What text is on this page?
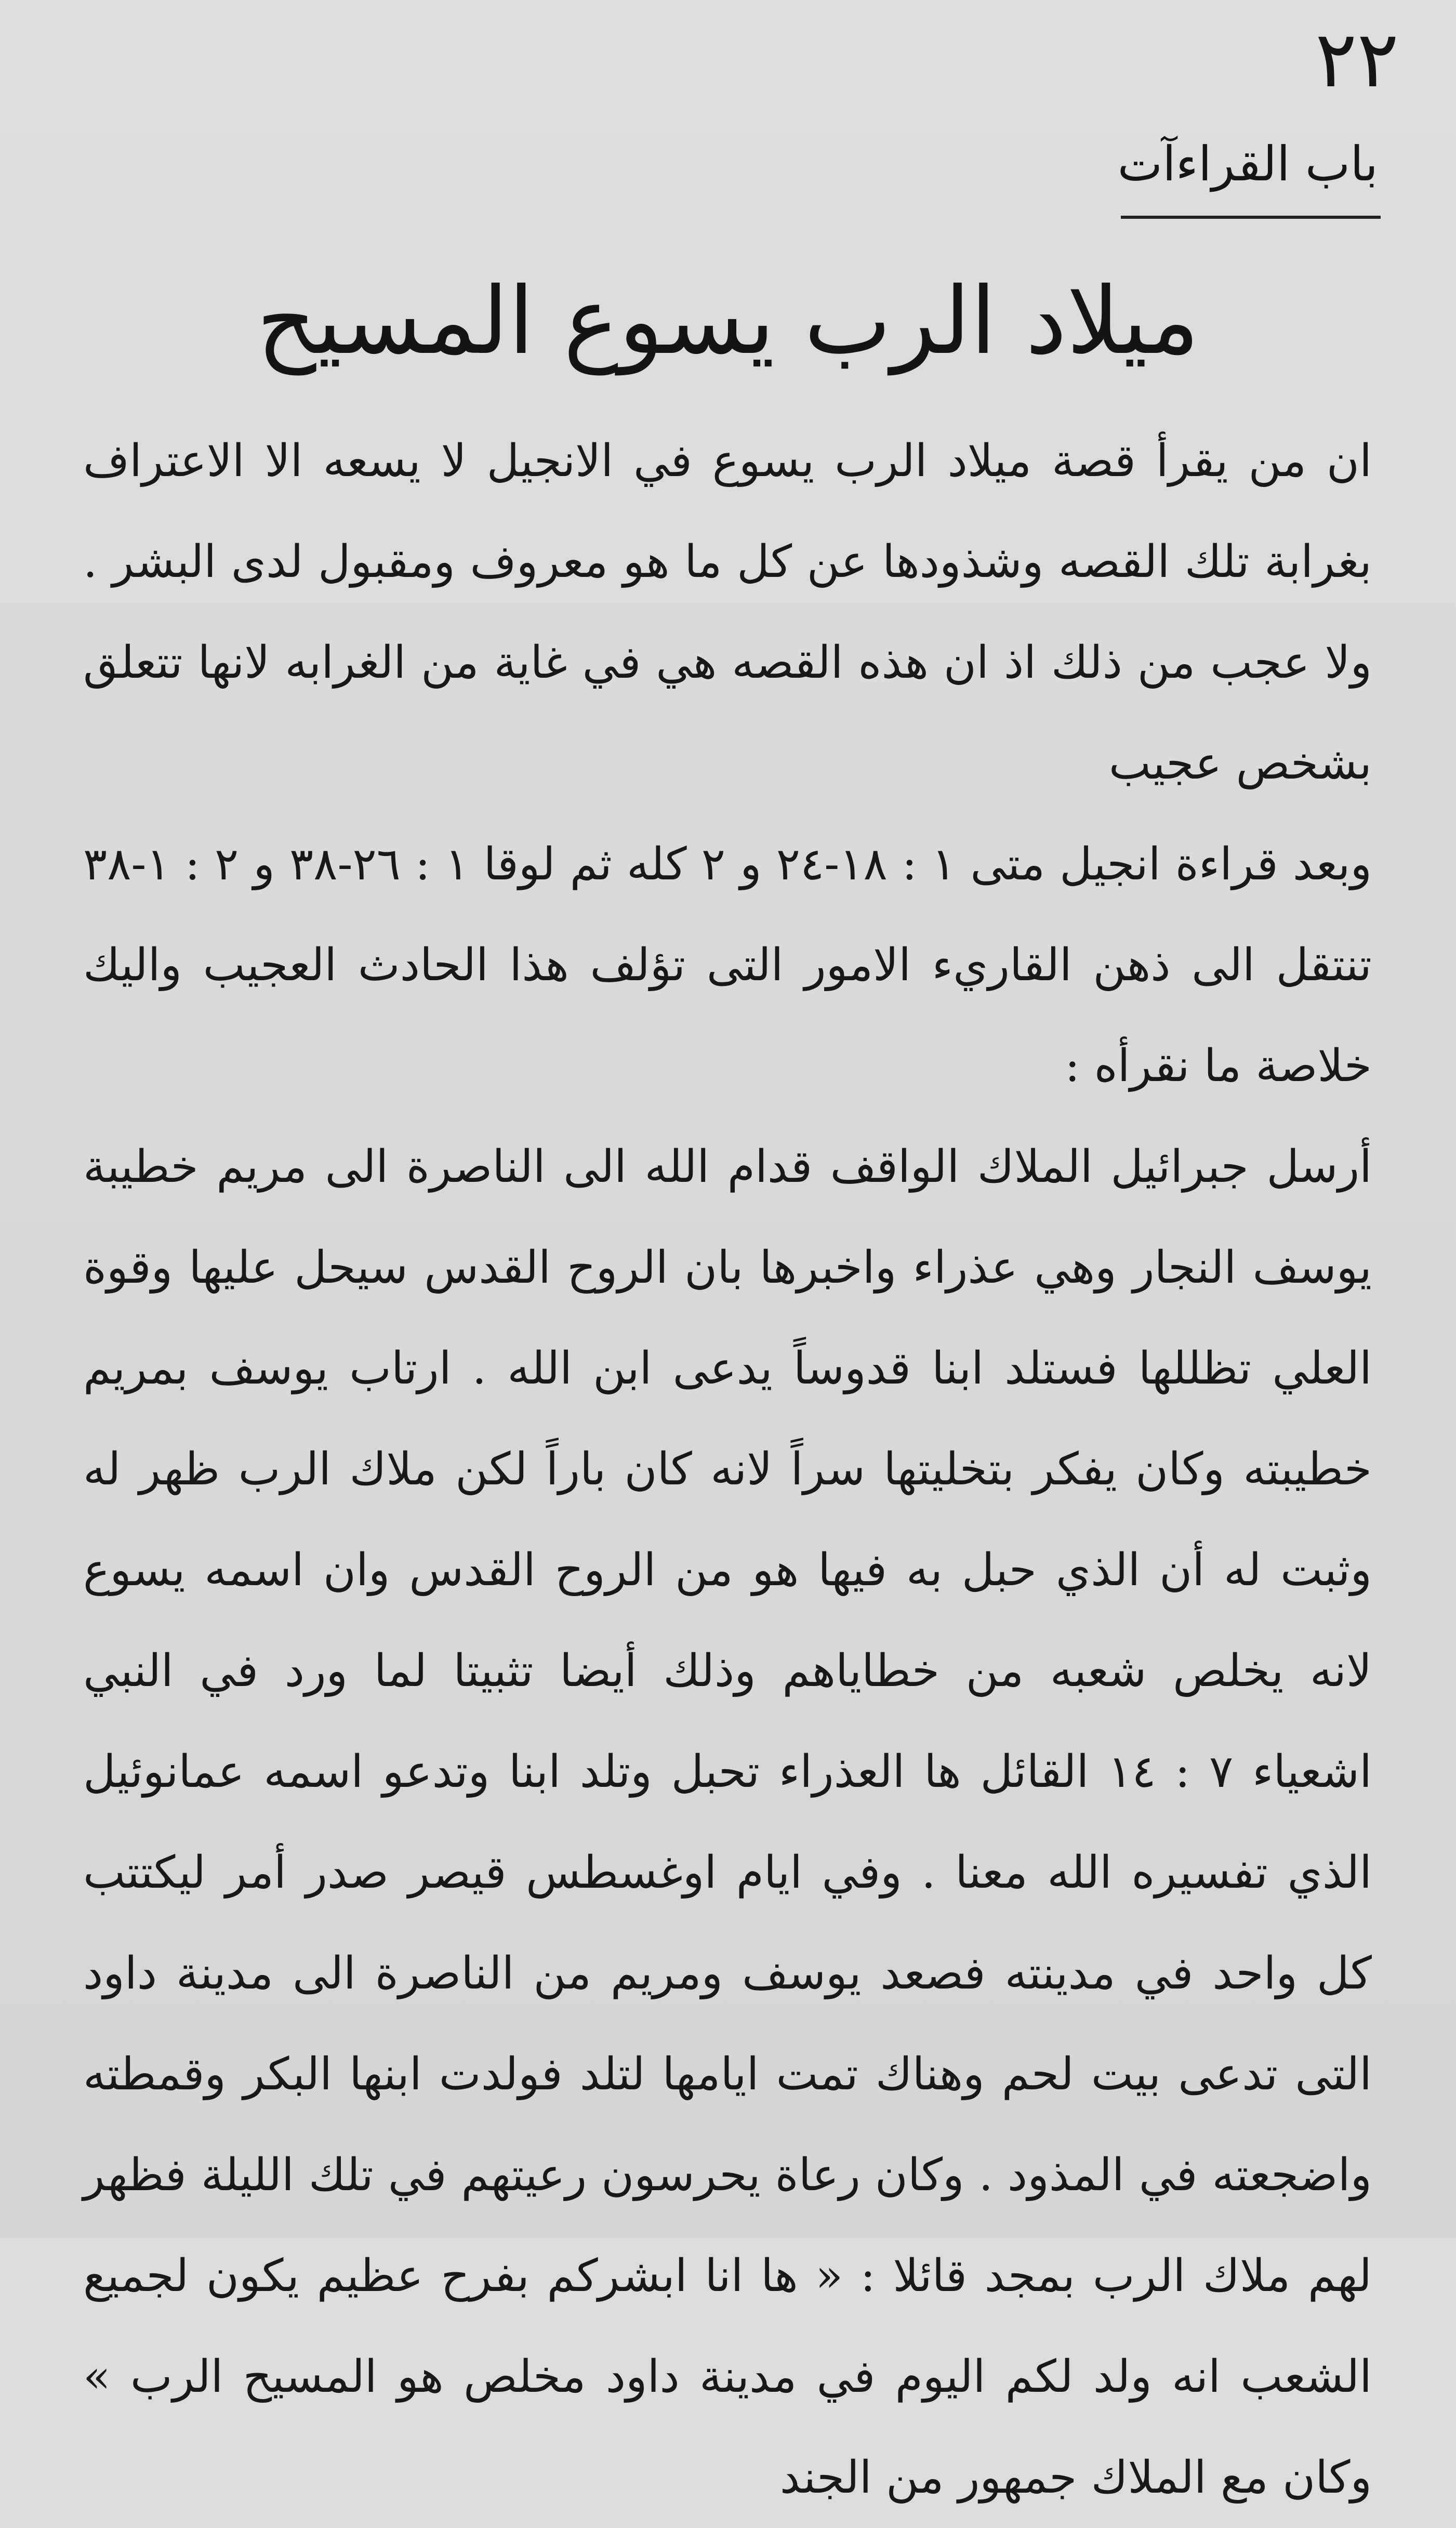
٢٢
باب القراءآت
ميلاد الرب يسوع المسيح

ان من يقرأ قصة ميلاد الرب يسوع في الانجيل لا يسعه الا الاعتراف بغرابة تلك القصه وشذودها عن كل ما هو معروف ومقبول لدى البشر . ولا عجب من ذلك اذ ان هذه القصه هي في غاية من الغرابه لانها تتعلق بشخص عجيب

وبعد قراءة انجيل متى ١ : ١٨-٢٤ و ٢ كله ثم لوقا ١ : ٢٦-٣٨ و ٢ : ١-٣٨ تنتقل الى ذهن القاريء الامور التى تؤلف هذا الحادث العجيب واليك خلاصة ما نقرأه :

أرسل جبرائيل الملاك الواقف قدام الله الى الناصرة الى مريم خطيبة يوسف النجار وهي عذراء واخبرها بان الروح القدس سيحل عليها وقوة العلي تظللها فستلد ابنا قدوساً يدعى ابن الله . ارتاب يوسف بمريم خطيبته وكان يفكر بتخليتها سراً لانه كان باراً لكن ملاك الرب ظهر له وثبت له أن الذي حبل به فيها هو من الروح القدس وان اسمه يسوع لانه يخلص شعبه من خطاياهم وذلك أيضا تثبيتا لما ورد في النبي اشعياء ٧ : ١٤ القائل ها العذراء تحبل وتلد ابنا وتدعو اسمه عمانوئيل الذي تفسيره الله معنا . وفي ايام اوغسطس قيصر صدر أمر ليكتتب كل واحد في مدينته فصعد يوسف ومريم من الناصرة الى مدينة داود التى تدعى بيت لحم وهناك تمت ايامها لتلد فولدت ابنها البكر وقمطته واضجعته في المذود . وكان رعاة يحرسون رعيتهم في تلك الليلة فظهر لهم ملاك الرب بمجد قائلا : « ها انا ابشركم بفرح عظيم يكون لجميع الشعب انه ولد لكم اليوم في مدينة داود مخلص هو المسيح الرب » وكان مع الملاك جمهور من الجند
